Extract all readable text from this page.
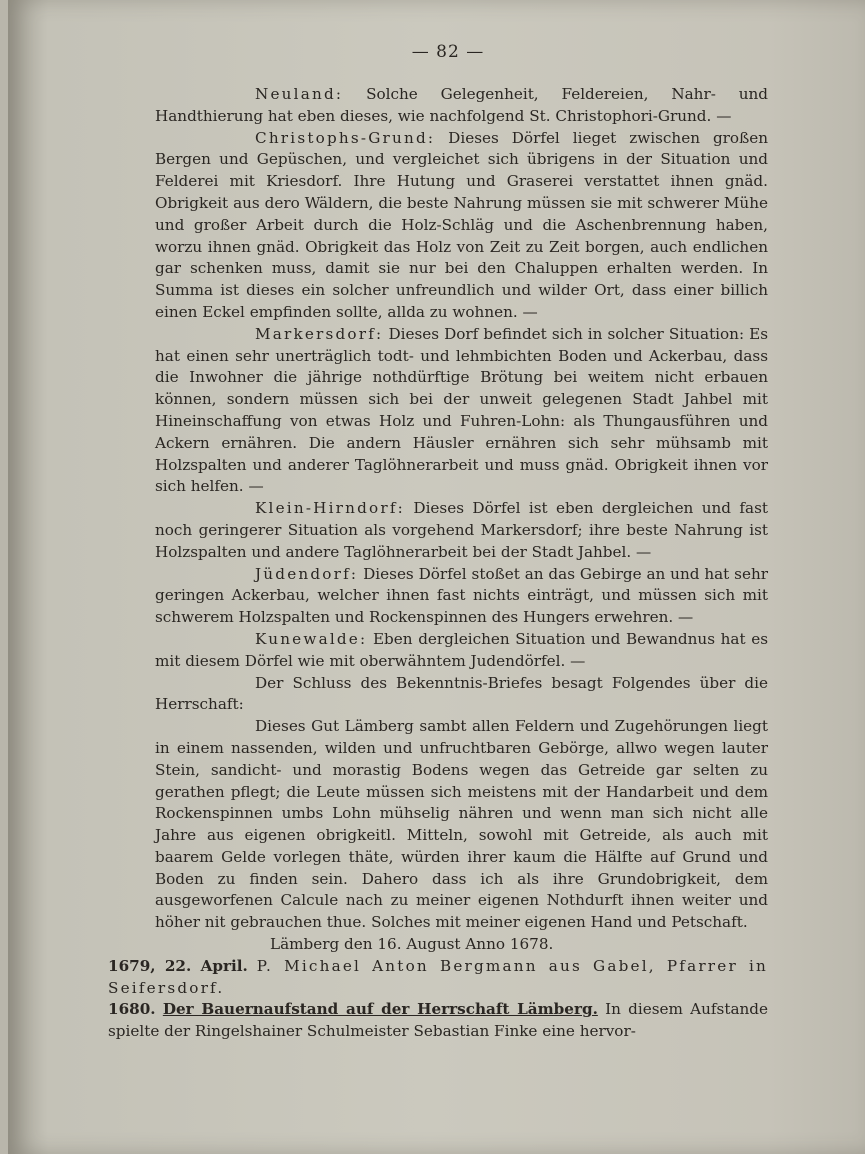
— 82 —

Neuland: Solche Gelegenheit, Feldereien, Nahr- und Handthierung hat eben dieses, wie nachfolgend St. Christophori-Grund. —

Christophs-Grund: Dieses Dörfel lieget zwischen großen Bergen und Gepüschen, und vergleichet sich übrigens in der Situation und Felderei mit Kriesdorf. Ihre Hutung und Graserei verstattet ihnen gnäd. Obrigkeit aus dero Wäldern, die beste Nahrung müssen sie mit schwerer Mühe und großer Arbeit durch die Holz-Schläg und die Aschenbrennung haben, worzu ihnen gnäd. Obrigkeit das Holz von Zeit zu Zeit borgen, auch endlichen gar schenken muss, damit sie nur bei den Chaluppen erhalten werden. In Summa ist dieses ein solcher unfreundlich und wilder Ort, dass einer billich einen Eckel empfinden sollte, allda zu wohnen. —

Markersdorf: Dieses Dorf befindet sich in solcher Situation: Es hat einen sehr unerträglich todt- und lehmbichten Boden und Ackerbau, dass die Inwohner die jährige nothdürftige Brötung bei weitem nicht erbauen können, sondern müssen sich bei der unweit gelegenen Stadt Jahbel mit Hineinschaffung von etwas Holz und Fuhren-Lohn: als Thungausführen und Ackern ernähren. Die andern Häusler ernähren sich sehr mühsamb mit Holzspalten und anderer Taglöhnerarbeit und muss gnäd. Obrigkeit ihnen vor sich helfen. —

Klein-Hirndorf: Dieses Dörfel ist eben dergleichen und fast noch geringerer Situation als vorgehend Markersdorf; ihre beste Nahrung ist Holzspalten und andere Taglöhnerarbeit bei der Stadt Jahbel. —

Jüdendorf: Dieses Dörfel stoßet an das Gebirge an und hat sehr geringen Ackerbau, welcher ihnen fast nichts einträgt, und müssen sich mit schwerem Holzspalten und Rockenspinnen des Hungers erwehren. —

Kunewalde: Eben dergleichen Situation und Bewandnus hat es mit diesem Dörfel wie mit oberwähntem Judendörfel. —

Der Schluss des Bekenntnis-Briefes besagt Folgendes über die Herrschaft:

Dieses Gut Lämberg sambt allen Feldern und Zugehörungen liegt in einem nassenden, wilden und unfruchtbaren Gebörge, allwo wegen lauter Stein, sandicht- und morastig Bodens wegen das Getreide gar selten zu gerathen pflegt; die Leute müssen sich meistens mit der Handarbeit und dem Rockenspinnen umbs Lohn mühselig nähren und wenn man sich nicht alle Jahre aus eigenen obrigkeitl. Mitteln, sowohl mit Getreide, als auch mit baarem Gelde vorlegen thäte, würden ihrer kaum die Hälfte auf Grund und Boden zu finden sein. Dahero dass ich als ihre Grundobrigkeit, dem ausgeworfenen Calcule nach zu meiner eigenen Nothdurft ihnen weiter und höher nit gebrauchen thue. Solches mit meiner eigenen Hand und Petschaft.

Lämberg den 16. August Anno 1678.

1679, 22. April. P. Michael Anton Bergmann aus Gabel, Pfarrer in Seifersdorf.

1680. Der Bauernaufstand auf der Herrschaft Lämberg. In diesem Aufstande spielte der Ringelshainer Schulmeister Sebastian Finke eine hervor-
